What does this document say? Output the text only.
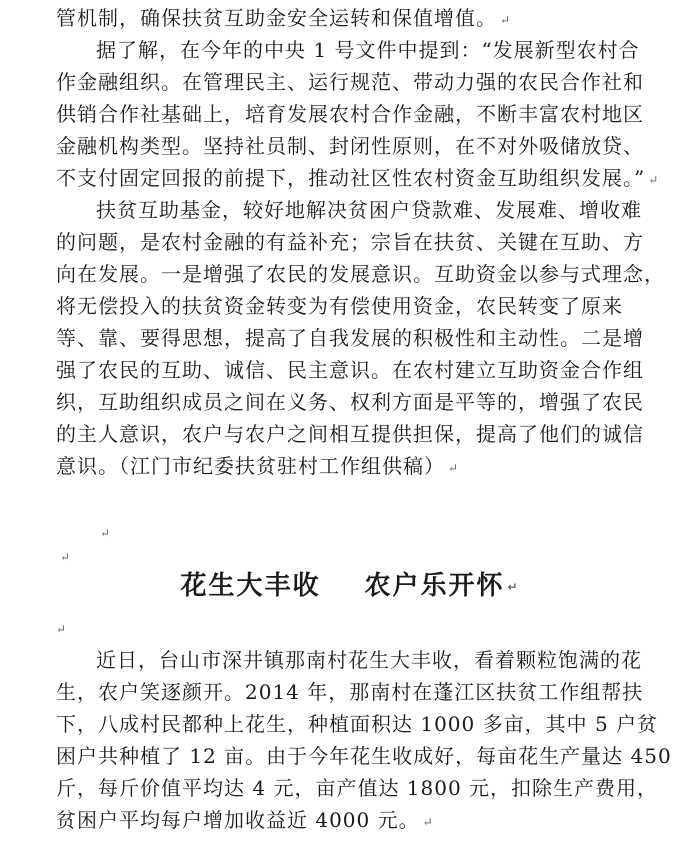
管机制，确保扶贫互助金安全运转和保值增值。 ↵
据了解，在今年的中央 1 号文件中提到：“发展新型农村合
作金融组织。在管理民主、运行规范、带动力强的农民合作社和
供销合作社基础上，培育发展农村合作金融，不断丰富农村地区
金融机构类型。坚持社员制、封闭性原则，在不对外吸储放贷、
不支付固定回报的前提下，推动社区性农村资金互助组织发展。” ↵
扶贫互助基金，较好地解决贫困户贷款难、发展难、增收难
的问题，是农村金融的有益补充；宗旨在扶贫、关键在互助、方
向在发展。一是增强了农民的发展意识。互助资金以参与式理念，
将无偿投入的扶贫资金转变为有偿使用资金，农民转变了原来
等、靠、要得思想，提高了自我发展的积极性和主动性。二是增
强了农民的互助、诚信、民主意识。在农村建立互助资金合作组
织，互助组织成员之间在义务、权利方面是平等的，增强了农民
的主人意识，农户与农户之间相互提供担保，提高了他们的诚信
意识。（江门市纪委扶贫驻村工作组供稿） ↵
↵
↵
花生大丰收 农户乐开怀 ↵
↵
近日，台山市深井镇那南村花生大丰收，看着颗粒饱满的花
生，农户笑逐颜开。2014 年，那南村在蓬江区扶贫工作组帮扶
下，八成村民都种上花生，种植面积达 1000 多亩，其中 5 户贫
困户共种植了 12 亩。由于今年花生收成好，每亩花生产量达 450
斤，每斤价值平均达 4 元，亩产值达 1800 元，扣除生产费用，
贫困户平均每户增加收益近 4000 元。 ↵
